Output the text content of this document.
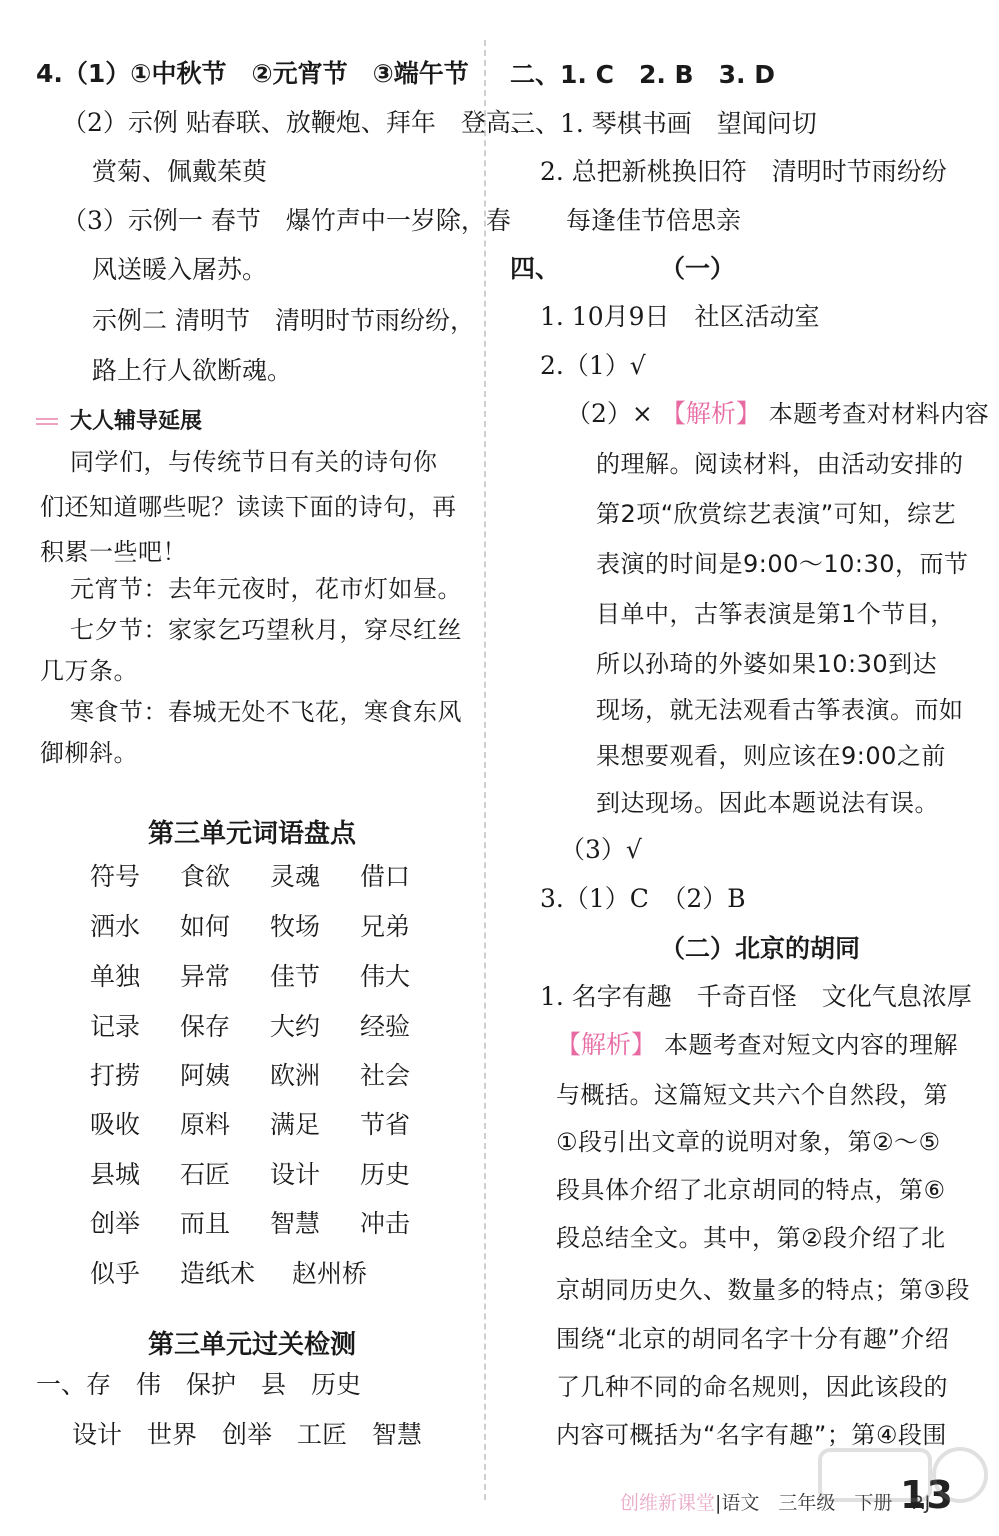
4.（1）①中秋节　②元宵节　③端午节
（2）示例 贴春联、放鞭炮、拜年　登高、
赏菊、佩戴茱萸
（3）示例一 春节　爆竹声中一岁除，春
风送暖入屠苏。
示例二 清明节　清明时节雨纷纷，
路上行人欲断魂。
大人辅导延展
同学们，与传统节日有关的诗句你
们还知道哪些呢？读读下面的诗句，再
积累一些吧！
元宵节：去年元夜时，花市灯如昼。
七夕节：家家乞巧望秋月，穿尽红丝
几万条。
寒食节：春城无处不飞花，寒食东风
御柳斜。
第三单元词语盘点
符号 食欲 灵魂 借口
洒水 如何 牧场 兄弟
单独 异常 佳节 伟大
记录 保存 大约 经验
打捞 阿姨 欧洲 社会
吸收 原料 满足 节省
县城 石匠 设计 历史
创举 而且 智慧 冲击
似乎 造纸术 赵州桥
第三单元过关检测
一、存　伟　保护　县　历史
设计　世界　创举　工匠　智慧
二、1. C　2. B　3. D
三、1. 琴棋书画　望闻问切
2. 总把新桃换旧符　清明时节雨纷纷
每逢佳节倍思亲
四、	（一）
1. 10月9日　社区活动室
2.（1）√
（2）× 【解析】 本题考查对材料内容
的理解。阅读材料，由活动安排的
第2项“欣赏综艺表演”可知，综艺
表演的时间是9:00～10:30，而节
目单中，古筝表演是第1个节目，
所以孙琦的外婆如果10:30到达
现场，就无法观看古筝表演。而如
果想要观看，则应该在9:00之前
到达现场。因此本题说法有误。
（3）√
3.（1）C　（2）B
（二）北京的胡同
1. 名字有趣　千奇百怪　文化气息浓厚
【解析】 本题考查对短文内容的理解
与概括。这篇短文共六个自然段，第
①段引出文章的说明对象，第②～⑤
段具体介绍了北京胡同的特点，第⑥
段总结全文。其中，第②段介绍了北
京胡同历史久、数量多的特点；第③段
围绕“北京的胡同名字十分有趣”介绍
了几种不同的命名规则，因此该段的
内容可概括为“名字有趣”；第④段围
创维新课堂|语文　三年级　下册　RJ
13
